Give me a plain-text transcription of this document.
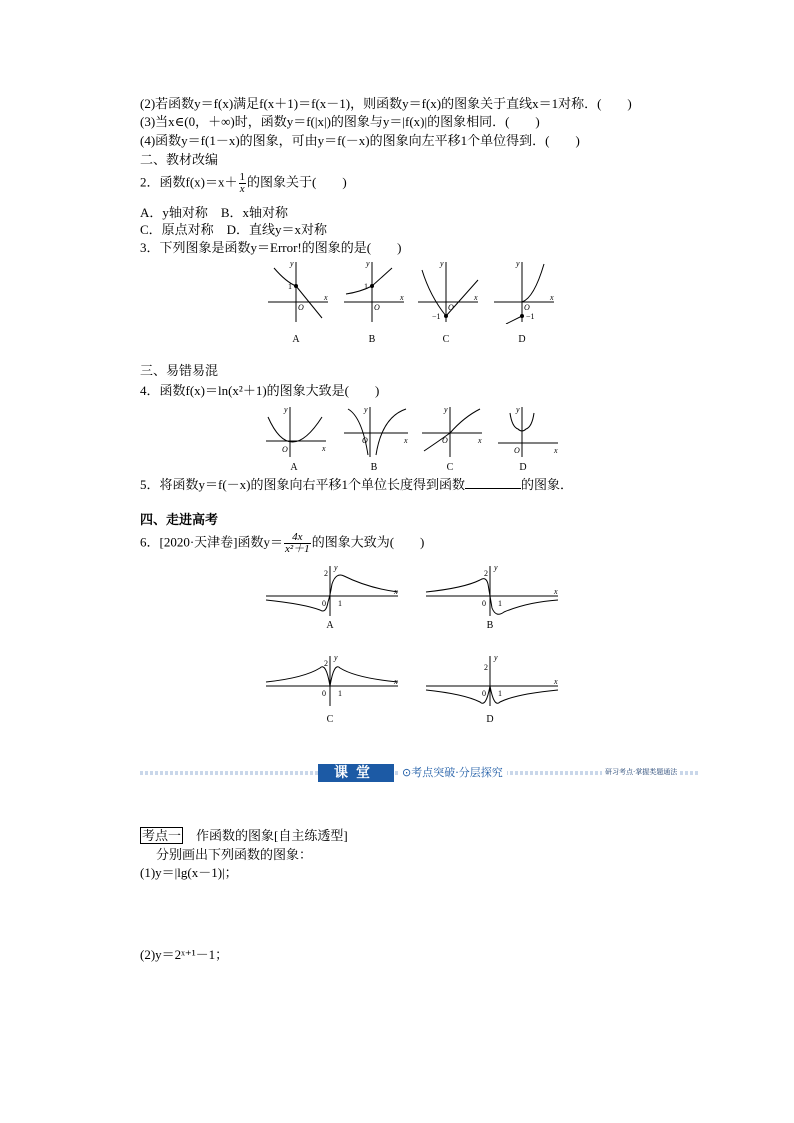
(2)若函数y＝f(x)满足f(x＋1)＝f(x－1)，则函数y＝f(x)的图象关于直线x＝1对称．(　　)
(3)当x∈(0，＋∞)时，函数y＝f(|x|)的图象与y＝|f(x)|的图象相同．(　　)
(4)函数y＝f(1－x)的图象，可由y＝f(－x)的图象向左平移1个单位得到．(　　)
二、教材改编
2．函数$f(x)=x+ \frac{1}{x}$ 的图象关于(　　)
A．y轴对称　B．x轴对称
C．原点对称　D．直线y＝x对称
3．下列图象是函数y＝Error!的图象的是(　　)
y
x
1
O
A
y
x
1
O
B
y
x
−1
O
C
y
x
−1
O
D
三、易错易混
4．函数f(x)＝ln(x²＋1)的图象大致是(　　)
y
x
O
A
y
x
O
B
y
x
O
C
y
x
O
D
5．将函数y＝f(－x)的图象向右平移1个单位长度得到函数	的图象．
四、走进高考
6．[2020·天津卷]函数$y= \frac{4x}{\text{x²＋1}}$ 的图象大致为(　　)
2
y
x
0 1
A
2
y
x
0 1
B
2
y
x
0 1
C
2
y
x
0 1
D
课堂	⊙考点突破·分层探究	研习考点·掌握类题通法
考点一　作函数的图象[自主练透型]
分别画出下列函数的图象：
(1)y＝|lg(x－1)|；
(2)y＝2ˣ⁺¹－1；
